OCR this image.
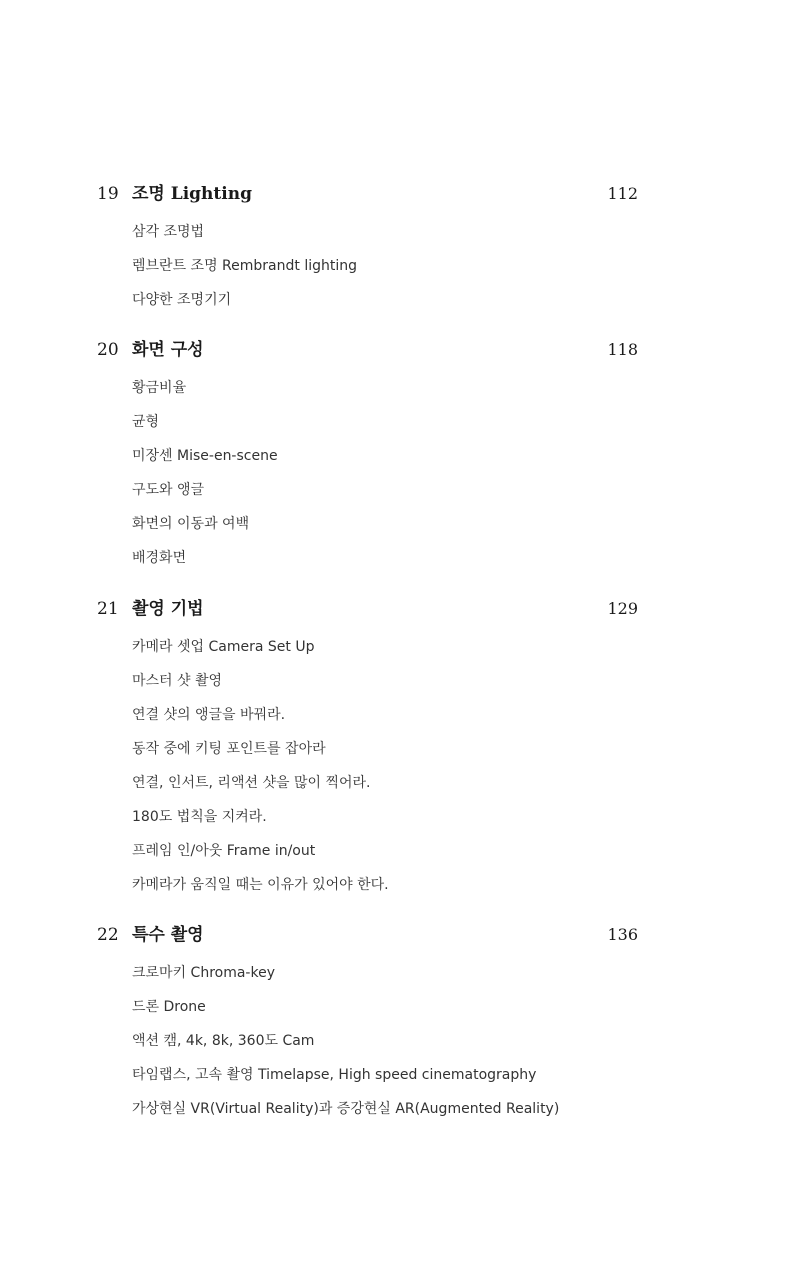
19 조명 Lighting	112
삼각 조명법
렘브란트 조명 Rembrandt lighting
다양한 조명기기
20 화면 구성	118
황금비율
균형
미장센 Mise-en-scene
구도와 앵글
화면의 이동과 여백
배경화면
21 촬영 기법	129
카메라 셋업 Camera Set Up
마스터 샷 촬영
연결 샷의 앵글을 바꿔라.
동작 중에 키팅 포인트를 잡아라
연결, 인서트, 리액션 샷을 많이 찍어라.
180도 법칙을 지켜라.
프레임 인/아웃 Frame in/out
카메라가 움직일 때는 이유가 있어야 한다.
22 특수 촬영	136
크로마키 Chroma-key
드론 Drone
액션 캠, 4k, 8k, 360도 Cam
타임랩스, 고속 촬영 Timelapse, High speed cinematography
가상현실 VR(Virtual Reality)과 증강현실 AR(Augmented Reality)
